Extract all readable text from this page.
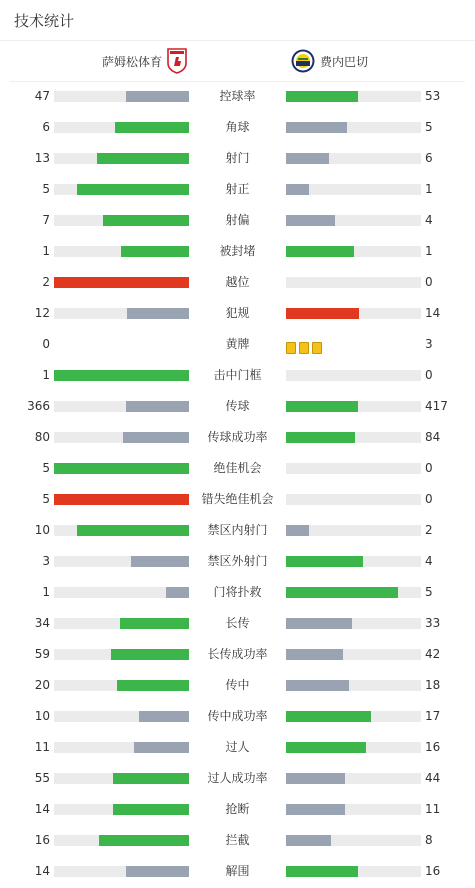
技术统计
萨姆松体育	费内巴切
47	控球率	53
6	角球	5
13	射门	6
5	射正	1
7	射偏	4
1	被封堵	1
2	越位	0
12	犯规	14
0	黄牌	3
1	击中门框	0
366	传球	417
80	传球成功率	84
5	绝佳机会	0
5	错失绝佳机会	0
10	禁区内射门	2
3	禁区外射门	4
1	门将扑救	5
34	长传	33
59	长传成功率	42
20	传中	18
10	传中成功率	17
11	过人	16
55	过人成功率	44
14	抢断	11
16	拦截	8
14	解围	16
